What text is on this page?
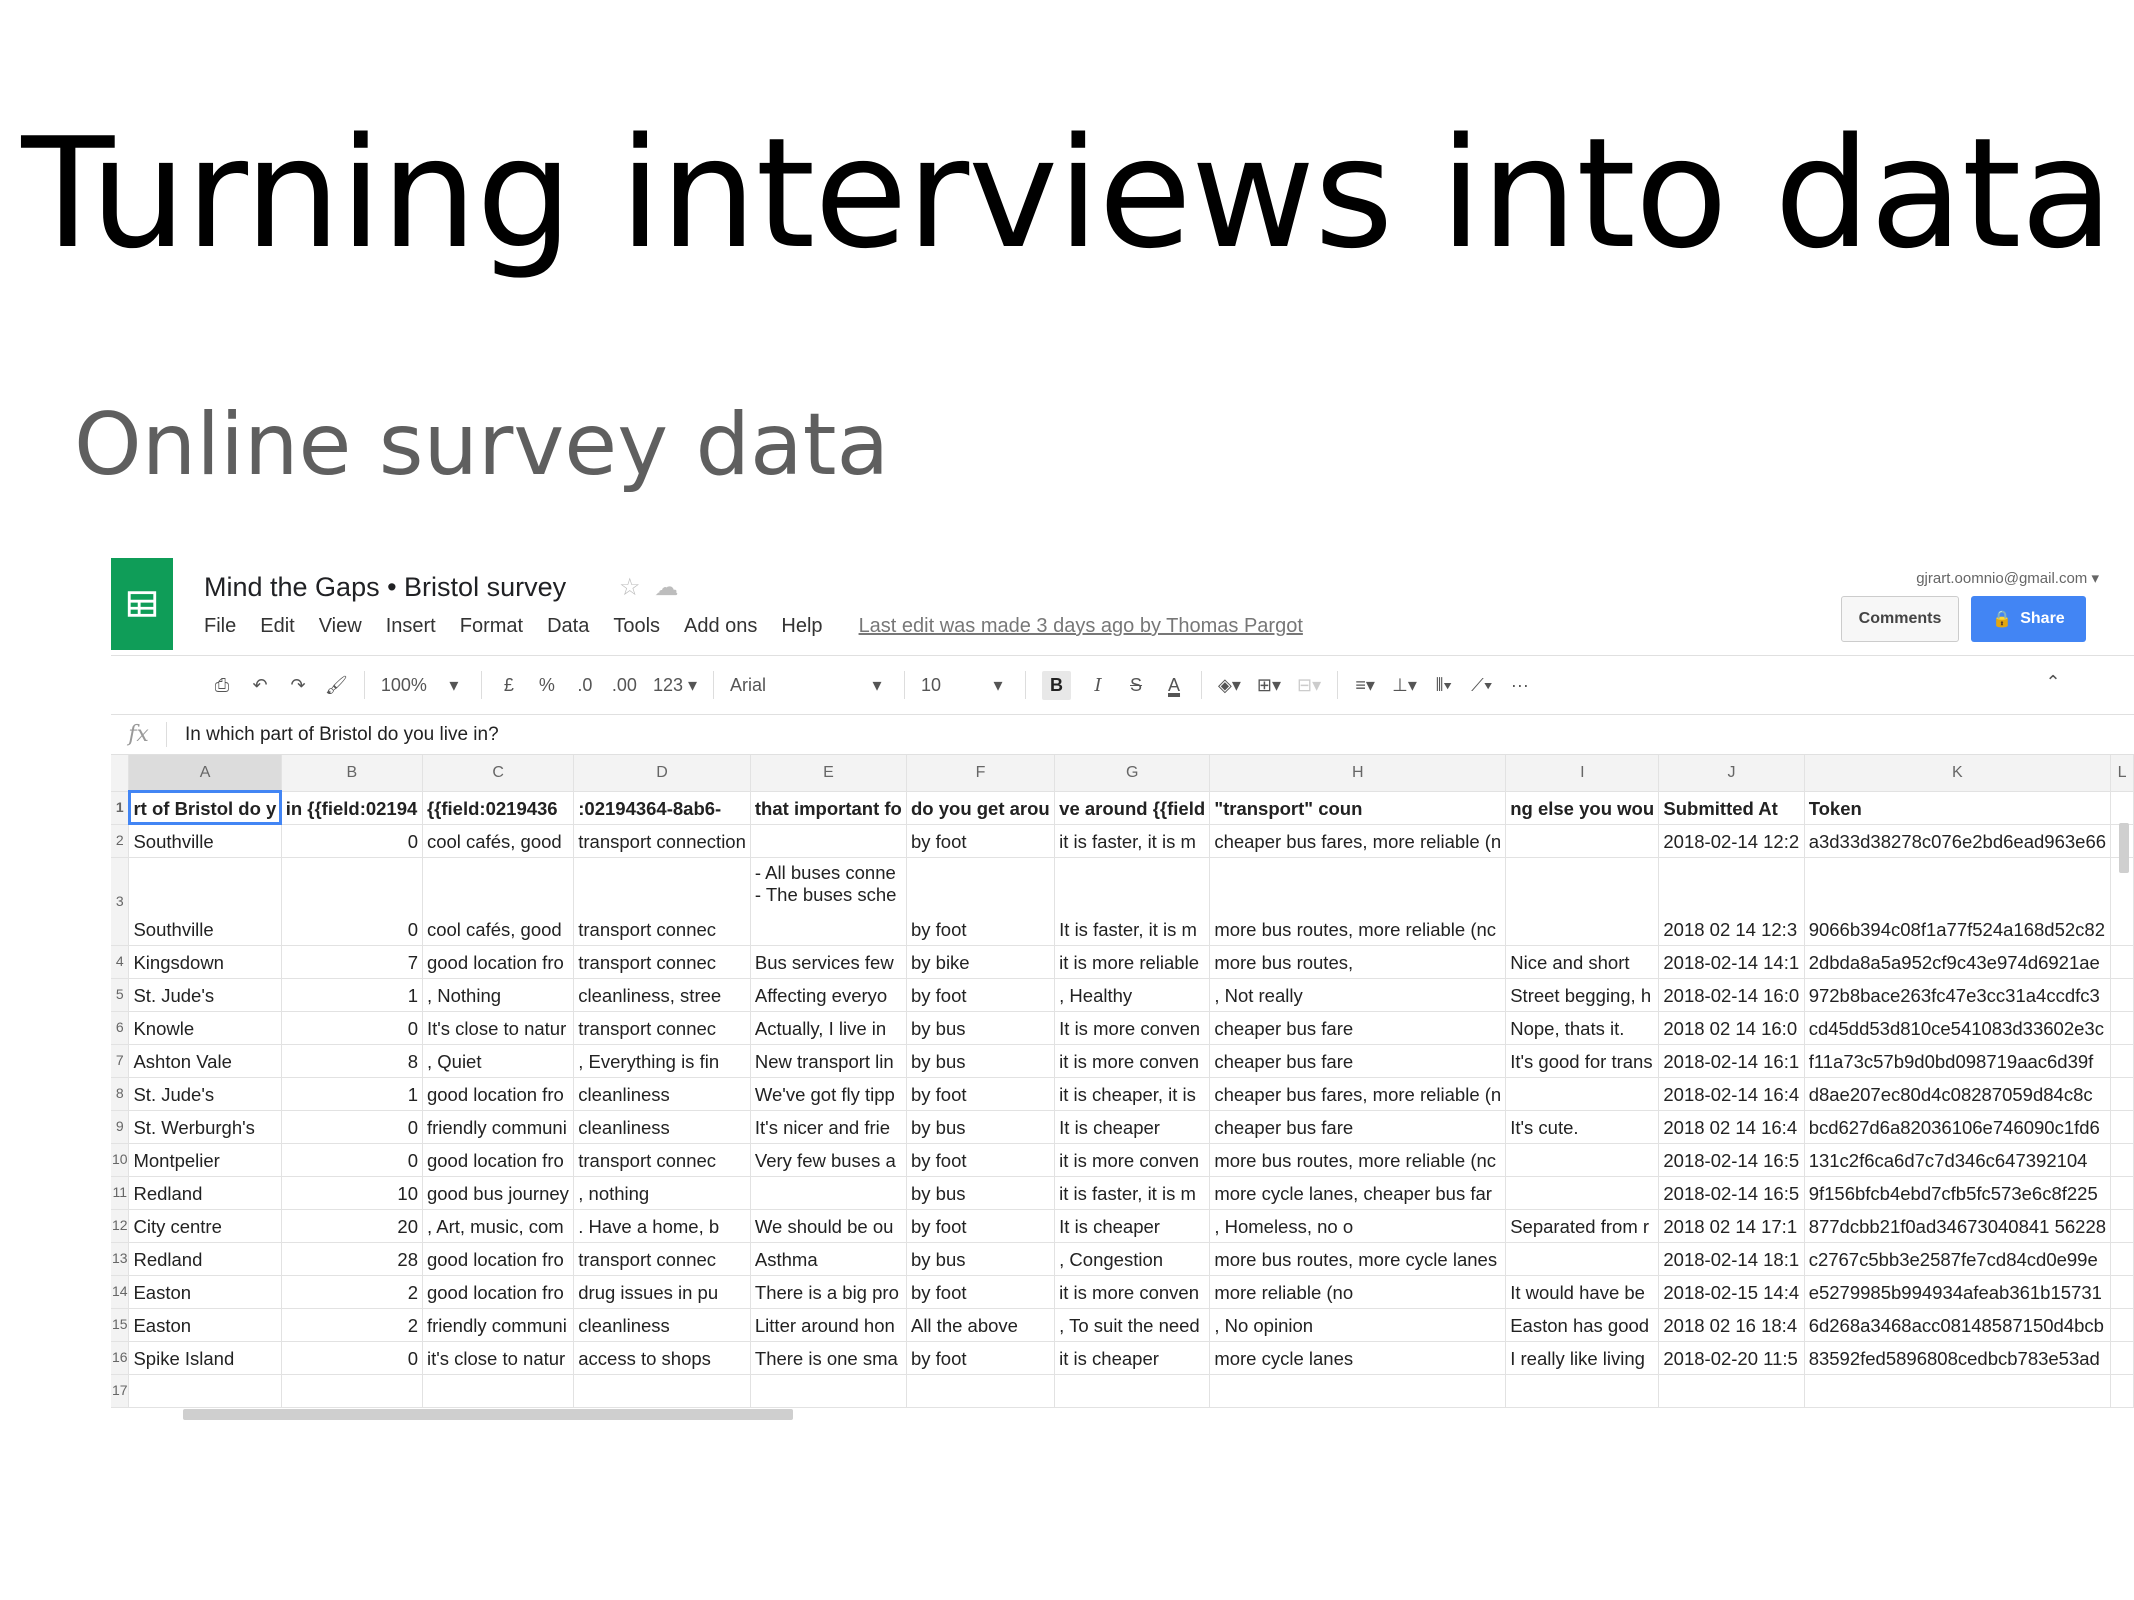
Turning interviews into data
Online survey data
Mind the Gaps • Bristol survey ☆☁
File Edit View Insert Format Data Tools Add ons Help Last edit was made 3 days ago by Thomas Pargot
gjrart.oomnio@gmail.com ▾
Comments	🔒 Share
⎙ ↶ ↷ 🖌 100%	▾	£	% .0 .00 123 ▾ Arial	▾	10	▾	B	I	S A ◈▾ ⊞▾ ⊟▾ ≡▾ ⊥▾ ⫴▾ ⟋▾ ···	⌃
fx	In which part of Bristol do you live in?
	A	B	C	D	E	F	G	H	I	J	K	L
1	rt of Bristol do y	in {{field:02194	{{field:0219436	:02194364-8ab6-	that important fo	do you get arou	ve around {{field	"transport" coun	ng else you wou	Submitted At	Token	
2	Southville	0	cool cafés, good	transport connection		by foot	it is faster, it is m	cheaper bus fares, more reliable (n		2018-02-14 12:2	a3d33d38278c076e2bd6ead963e66	
3	Southville	0	cool cafés, good	transport connec	- All buses conne
- The buses sche	by foot	It is faster, it is m	more bus routes, more reliable (nc		2018 02 14 12:3	9066b394c08f1a77f524a168d52c82	
4	Kingsdown	7	good location fro	transport connec	Bus services few	by bike	it is more reliable	more bus routes,	Nice and short	2018-02-14 14:1	2dbda8a5a952cf9c43e974d6921ae	
5	St. Jude's	1	, Nothing	cleanliness, stree	Affecting everyo	by foot	, Healthy	, Not really	Street begging, h	2018-02-14 16:0	972b8bace263fc47e3cc31a4ccdfc3	
6	Knowle	0	It's close to natur	transport connec	Actually, I live in	by bus	It is more conven	cheaper bus fare	Nope, thats it.	2018 02 14 16:0	cd45dd53d810ce541083d33602e3c	
7	Ashton Vale	8	, Quiet	, Everything is fin	New transport lin	by bus	it is more conven	cheaper bus fare	It's good for trans	2018-02-14 16:1	f11a73c57b9d0bd098719aac6d39f	
8	St. Jude's	1	good location fro	cleanliness	We've got fly tipp	by foot	it is cheaper, it is	cheaper bus fares, more reliable (n		2018-02-14 16:4	d8ae207ec80d4c08287059d84c8c	
9	St. Werburgh's	0	friendly communi	cleanliness	It's nicer and frie	by bus	It is cheaper	cheaper bus fare	It's cute.	2018 02 14 16:4	bcd627d6a82036106e746090c1fd6	
10	Montpelier	0	good location fro	transport connec	Very few buses a	by foot	it is more conven	more bus routes, more reliable (nc		2018-02-14 16:5	131c2f6ca6d7c7d346c647392104	
11	Redland	10	good bus journey	, nothing		by bus	it is faster, it is m	more cycle lanes, cheaper bus far		2018-02-14 16:5	9f156bfcb4ebd7cfb5fc573e6c8f225	
12	City centre	20	, Art, music, com	. Have a home, b	We should be ou	by foot	It is cheaper	, Homeless, no o	Separated from r	2018 02 14 17:1	877dcbb21f0ad34673040841 56228	
13	Redland	28	good location fro	transport connec	Asthma	by bus	, Congestion	more bus routes, more cycle lanes		2018-02-14 18:1	c2767c5bb3e2587fe7cd84cd0e99e	
14	Easton	2	good location fro	drug issues in pu	There is a big pro	by foot	it is more conven	more reliable (no	It would have be	2018-02-15 14:4	e5279985b994934afeab361b15731	
15	Easton	2	friendly communi	cleanliness	Litter around hon	All the above	, To suit the need	, No opinion	Easton has good	2018 02 16 18:4	6d268a3468acc08148587150d4bcb	
16	Spike Island	0	it's close to natur	access to shops	There is one sma	by foot	it is cheaper	more cycle lanes	I really like living	2018-02-20 11:5	83592fed5896808cedbcb783e53ad	
17												
